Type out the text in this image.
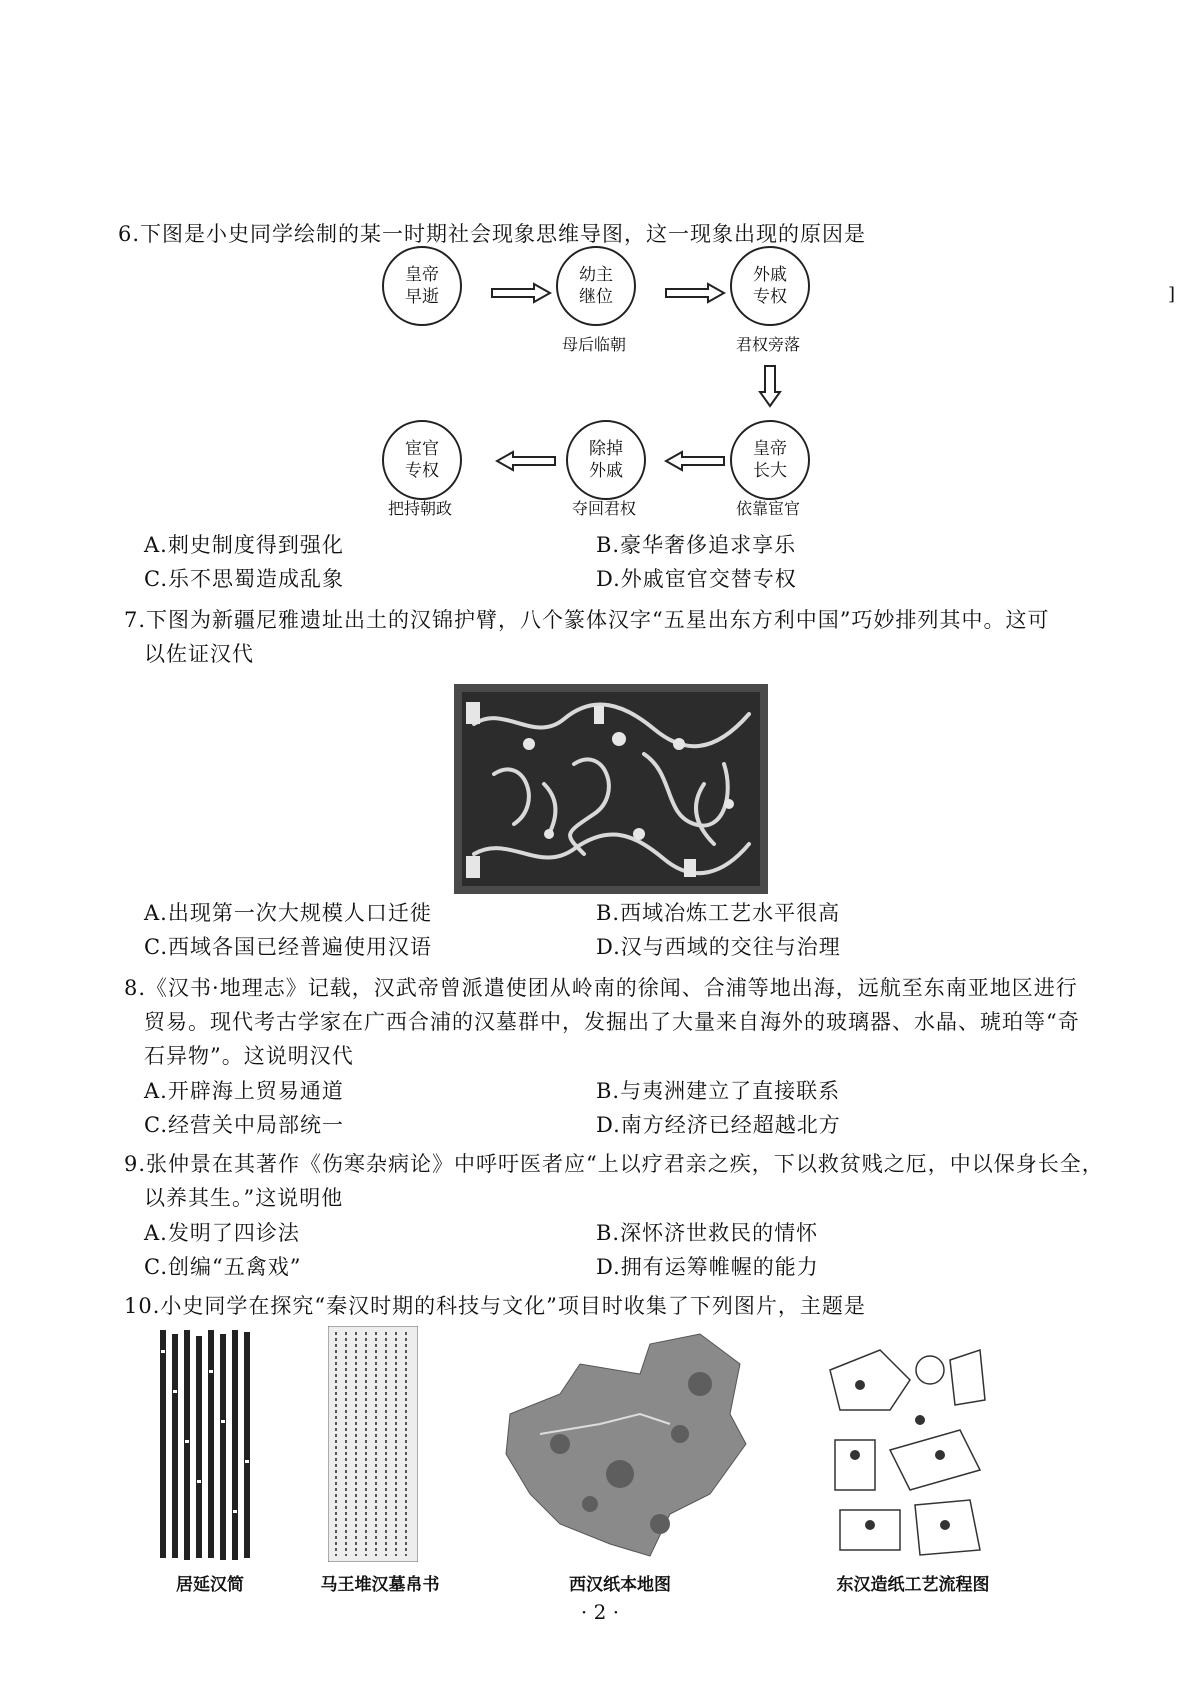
]
6.下图是小史同学绘制的某一时期社会现象思维导图，这一现象出现的原因是
皇帝
早逝
幼主
继位
母后临朝
外戚
专权
君权旁落
皇帝
长大
依靠宦官
除掉
外戚
夺回君权
宦官
专权
把持朝政
A.刺史制度得到强化	B.豪华奢侈追求享乐
C.乐不思蜀造成乱象	D.外戚宦官交替专权
7.下图为新疆尼雅遗址出土的汉锦护臂，八个篆体汉字“五星出东方利中国”巧妙排列其中。这可
以佐证汉代
A.出现第一次大规模人口迁徙	B.西域冶炼工艺水平很高
C.西域各国已经普遍使用汉语	D.汉与西域的交往与治理
8.《汉书·地理志》记载，汉武帝曾派遣使团从岭南的徐闻、合浦等地出海，远航至东南亚地区进行
贸易。现代考古学家在广西合浦的汉墓群中，发掘出了大量来自海外的玻璃器、水晶、琥珀等“奇
石异物”。这说明汉代
A.开辟海上贸易通道	B.与夷洲建立了直接联系
C.经营关中局部统一	D.南方经济已经超越北方
9.张仲景在其著作《伤寒杂病论》中呼吁医者应“上以疗君亲之疾，下以救贫贱之厄，中以保身长全，
以养其生。”这说明他
A.发明了四诊法	B.深怀济世救民的情怀
C.创编“五禽戏”	D.拥有运筹帷幄的能力
10.小史同学在探究“秦汉时期的科技与文化”项目时收集了下列图片，主题是
居延汉简	马王堆汉墓帛书	西汉纸本地图	东汉造纸工艺流程图
· 2 ·
